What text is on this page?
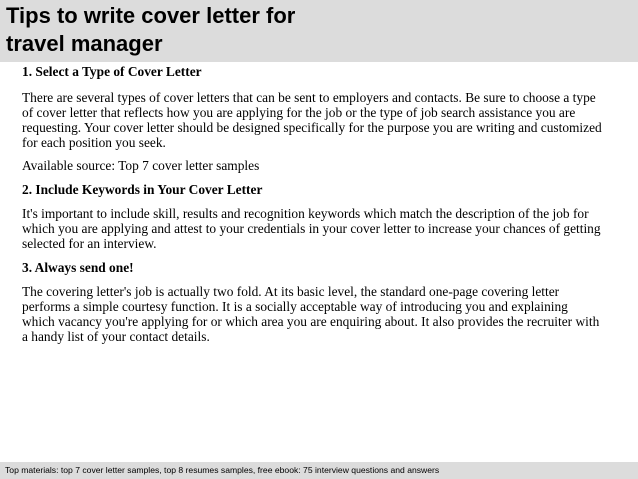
Tips to write cover letter for
travel manager

1. Select a Type of Cover Letter

There are several types of cover letters that can be sent to employers and contacts. Be sure to choose a type of cover letter that reflects how you are applying for the job or the type of job search assistance you are requesting. Your cover letter should be designed specifically for the purpose you are writing and customized for each position you seek.

Available source: Top 7 cover letter samples

2. Include Keywords in Your Cover Letter

It's important to include skill, results and recognition keywords which match the description of the job for which you are applying and attest to your credentials in your cover letter to increase your chances of getting selected for an interview.

3. Always send one!

The covering letter's job is actually two fold. At its basic level, the standard one-page covering letter performs a simple courtesy function. It is a socially acceptable way of introducing you and explaining which vacancy you're applying for or which area you are enquiring about. It also provides the recruiter with a handy list of your contact details.

Top materials: top 7 cover letter samples, top 8 resumes samples, free ebook: 75 interview questions and answers
